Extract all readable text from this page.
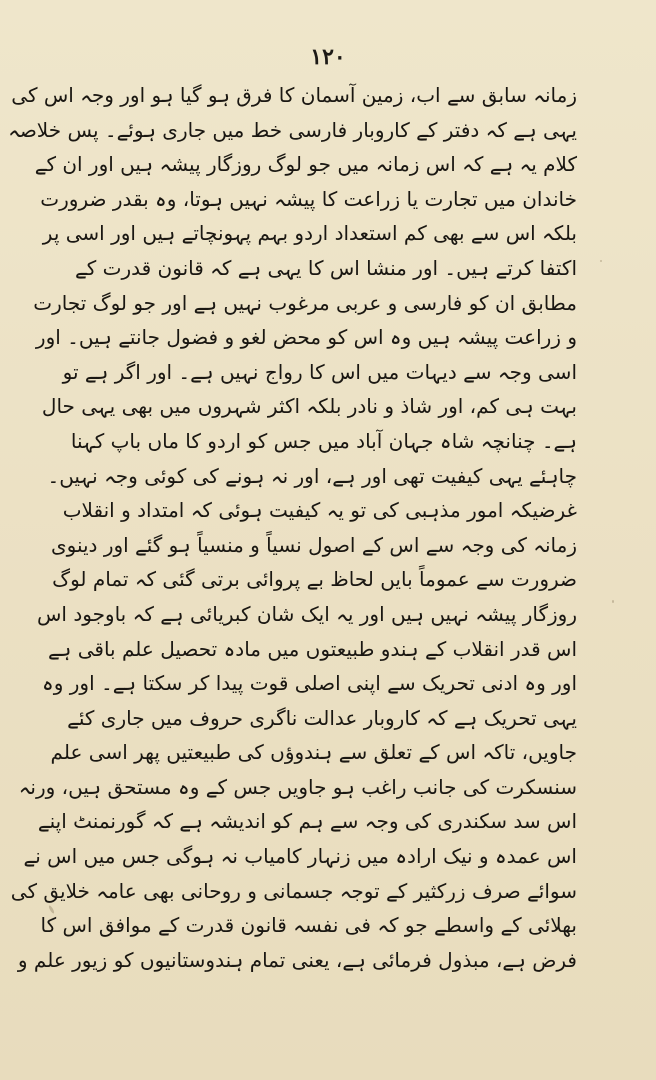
۱۲۰
زمانہ سابق سے اب، زمین آسمان کا فرق ہو گیا ہو اور وجہ اس کی
یہی ہے کہ دفتر کے کاروبار فارسی خط میں جاری ہوئے۔ پس خلاصہ
کلام یہ ہے کہ اس زمانہ میں جو لوگ روزگار پیشہ ہیں اور ان کے
خاندان میں تجارت یا زراعت کا پیشہ نہیں ہوتا، وہ بقدر ضرورت
بلکہ اس سے بھی کم استعداد اردو بہم پہونچاتے ہیں اور اسی پر
اکتفا کرتے ہیں۔ اور منشا اس کا یہی ہے کہ قانون قدرت کے
مطابق ان کو فارسی و عربی مرغوب نہیں ہے اور جو لوگ تجارت
و زراعت پیشہ ہیں وہ اس کو محض لغو و فضول جانتے ہیں۔ اور
اسی وجہ سے دیہات میں اس کا رواج نہیں ہے۔ اور اگر ہے تو
بہت ہی کم، اور شاذ و نادر بلکہ اکثر شہروں میں بھی یہی حال
ہے۔ چنانچہ شاہ جہان آباد میں جس کو اردو کا ماں باپ کہنا
چاہئے یہی کیفیت تھی اور ہے، اور نہ ہونے کی کوئی وجہ نہیں۔
غرضیکہ امور مذہبی کی تو یہ کیفیت ہوئی کہ امتداد و انقلاب
زمانہ کی وجہ سے اس کے اصول نسیاً و منسیاً ہو گئے اور دینوی
ضرورت سے عموماً بایں لحاظ بے پروائی برتی گئی کہ تمام لوگ
روزگار پیشہ نہیں ہیں اور یہ ایک شان کبریائی ہے کہ باوجود اس
اس قدر انقلاب کے ہندو طبیعتوں میں مادہ تحصیل علم باقی ہے
اور وہ ادنی تحریک سے اپنی اصلی قوت پیدا کر سکتا ہے۔ اور وہ
یہی تحریک ہے کہ کاروبار عدالت ناگری حروف میں جاری کئے
جاویں، تاکہ اس کے تعلق سے ہندوؤں کی طبیعتیں پھر اسی علم
سنسکرت کی جانب راغب ہو جاویں جس کے وہ مستحق ہیں، ورنہ
اس سد سکندری کی وجہ سے ہم کو اندیشہ ہے کہ گورنمنٹ اپنے
اس عمدہ و نیک ارادہ میں زنہار کامیاب نہ ہوگی جس میں اس نے
سوائے صرف زرکثیر کے توجہ جسمانی و روحانی بھی عامہ خلایق کی
بھلائی کے واسطے جو کہ فی نفسہ قانون قدرت کے موافق اس کا
فرض ہے، مبذول فرمائی ہے، یعنی تمام ہندوستانیوں کو زیور علم و
